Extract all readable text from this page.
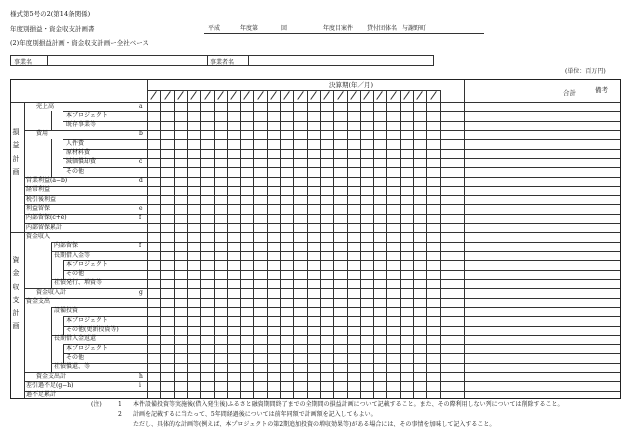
様式第5号の2(第14条関係)
年度別損益・資金収支計画書
(2)年度別損益計画・資金収支計画ー全社ベース
平成	年度第	回	年度目案件 貸付団体名 与謝野町
事業名	事業者名
(単位：百万円)
決算期(年／月)
合計	備考
損益計画
資金収支計画
売上高	a
本プロジェクト
既存事業等
費用	b
人件費
原材料費
減価償却費	c
その他
営業利益(a−b)	d
経常利益
税引後利益
利益留保	e
内部留保(c+e)	f
内部留保累計
資金収入
内部留保	f
長期借入金等
本プロジェクト
その他
社債発行、増資等
資金収入計	g
資金支出
設備投資
本プロジェクト
その他(更新投資等)
長期借入金返還
本プロジェクト
その他
社債償還、等
資金支出計	h
差引過不足(g−h)	i
過不足累計
(注)	1 本件設備投資等実施後(借入発生後)ふるさと融資期間終了までの全期間の損益計画について記載すること。また、その際利用しない列については削除すること。
2 計画を記載するに当たって、5年間経過後については前年同額で計画額を記入してもよい。
ただし、具体的な計画等(例えば、本プロジェクトの第2期追加投資の増収効果等)がある場合には、その事情を加味して記入すること。
